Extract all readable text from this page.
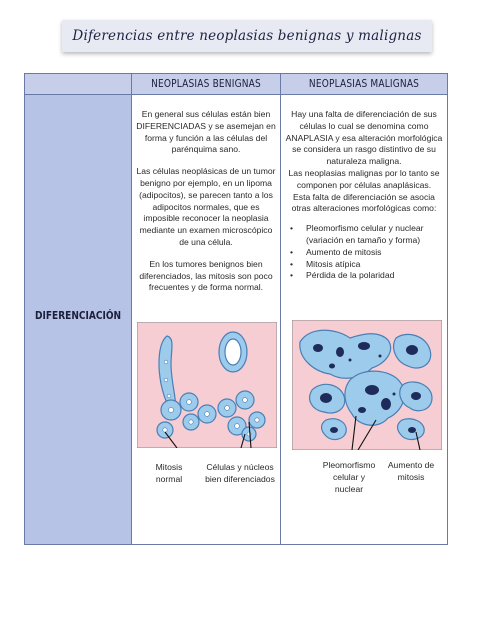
Diferencias entre neoplasias benignas y malignas
NEOPLASIAS BENIGNAS	NEOPLASIAS MALIGNAS
DIFERENCIACIÓN

En general sus células están bien DIFERENCIADAS y se asemejan en forma y función a las células del parénquima sano.

Las células neoplásicas de un tumor benigno por ejemplo, en un lipoma (adipocitos), se parecen tanto a los adipocitos normales, que es imposible reconocer la neoplasia mediante un examen microscópico de una célula.

En los tumores benignos bien diferenciados, las mitosis son poco frecuentes y de forma normal.

Hay una falta de diferenciación de sus células lo cual se denomina como ANAPLASIA y esa alteración morfológica se considera un rasgo distintivo de su naturaleza maligna.

Las neoplasias malignas por lo tanto se componen por células anaplásicas.

Esta falta de diferenciación se asocia otras alteraciones morfológicas como:

• Pleomorfismo celular y nuclear (variación en tamaño y forma)
• Aumento de mitosis
• Mitosis atípica
• Pérdida de la polaridad
Mitosis normal
Células y núcleos bien diferenciados
Pleomorfismo celular y nuclear
Aumento de mitosis
